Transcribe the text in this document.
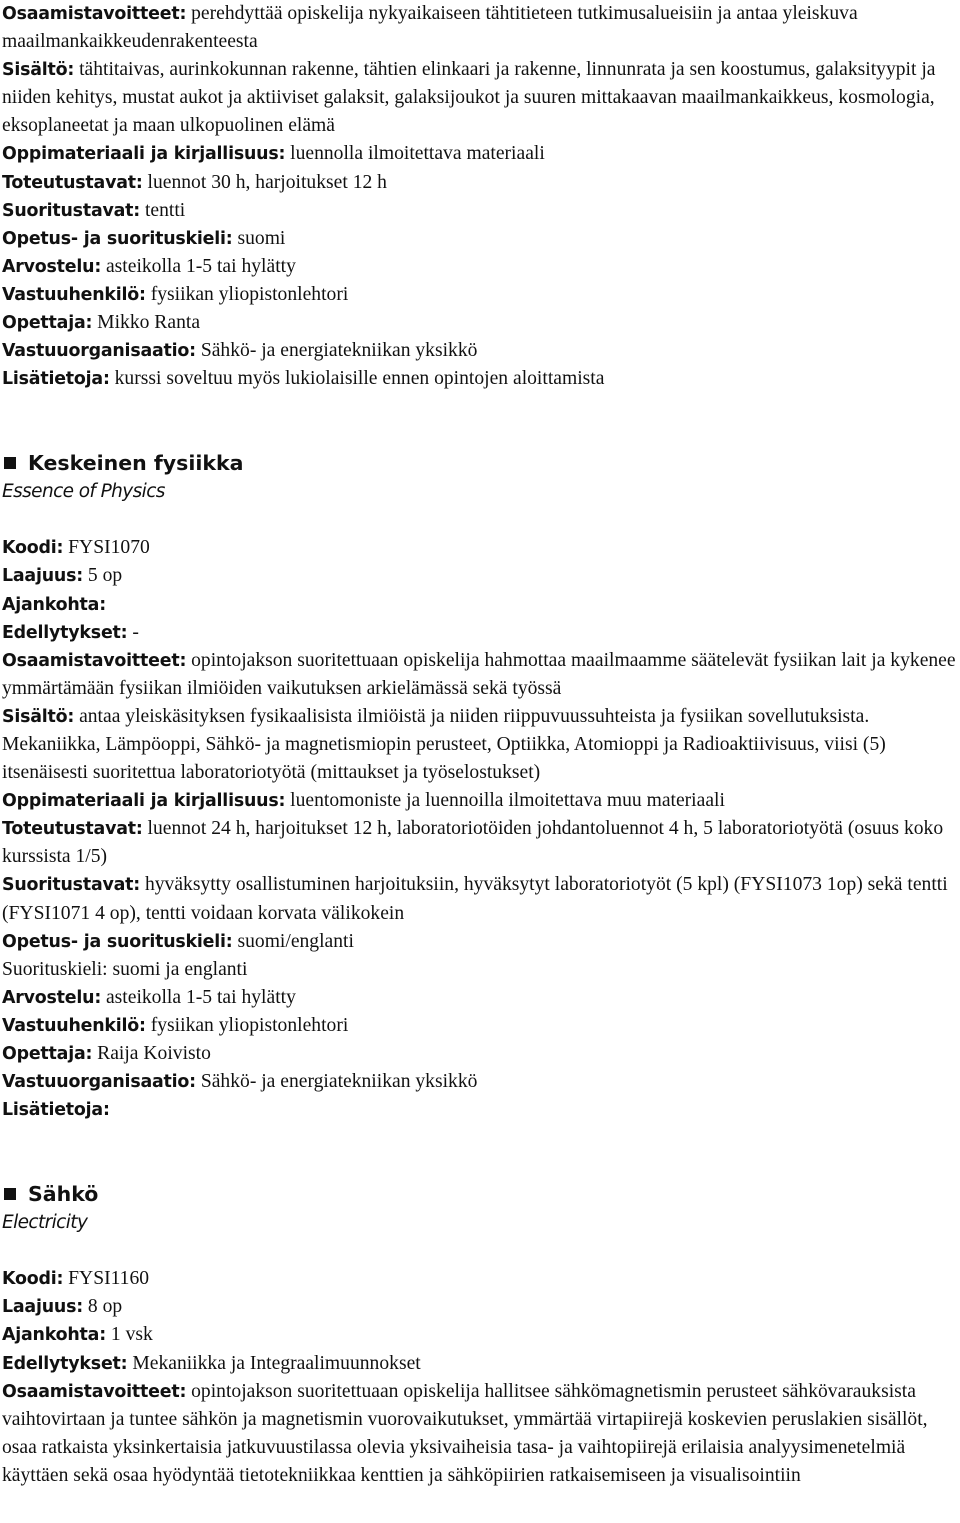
Osaamistavoitteet: perehdyttää opiskelija nykyaikaiseen tähtitieteen tutkimusalueisiin ja antaa yleiskuva maailmankaikkeudenrakenteesta

Sisältö: tähtitaivas, aurinkokunnan rakenne, tähtien elinkaari ja rakenne, linnunrata ja sen koostumus, galaksityypit ja niiden kehitys, mustat aukot ja aktiiviset galaksit, galaksijoukot ja suuren mittakaavan maailmankaikkeus, kosmologia, eksoplaneetat ja maan ulkopuolinen elämä

Oppimateriaali ja kirjallisuus: luennolla ilmoitettava materiaali

Toteutustavat: luennot 30 h, harjoitukset 12 h

Suoritustavat: tentti

Opetus- ja suorituskieli: suomi

Arvostelu: asteikolla 1-5 tai hylätty

Vastuuhenkilö: fysiikan yliopistonlehtori

Opettaja: Mikko Ranta

Vastuuorganisaatio: Sähkö- ja energiatekniikan yksikkö

Lisätietoja: kurssi soveltuu myös lukiolaisille ennen opintojen aloittamista

Keskeinen fysiikka

Essence of Physics

Koodi: FYSI1070

Laajuus: 5 op

Ajankohta:

Edellytykset: -

Osaamistavoitteet: opintojakson suoritettuaan opiskelija hahmottaa maailmaamme säätelevät fysiikan lait ja kykenee ymmärtämään fysiikan ilmiöiden vaikutuksen arkielämässä sekä työssä

Sisältö: antaa yleiskäsityksen fysikaalisista ilmiöistä ja niiden riippuvuussuhteista ja fysiikan sovellutuksista. Mekaniikka, Lämpöoppi, Sähkö- ja magnetismiopin perusteet, Optiikka, Atomioppi ja Radioaktiivisuus, viisi (5) itsenäisesti suoritettua laboratoriotyötä (mittaukset ja työselostukset)

Oppimateriaali ja kirjallisuus: luentomoniste ja luennoilla ilmoitettava muu materiaali

Toteutustavat: luennot 24 h, harjoitukset 12 h, laboratoriotöiden johdantoluennot 4 h, 5 laboratoriotyötä (osuus koko kurssista 1/5)

Suoritustavat: hyväksytty osallistuminen harjoituksiin, hyväksytyt laboratoriotyöt (5 kpl) (FYSI1073 1op) sekä tentti (FYSI1071 4 op), tentti voidaan korvata välikokein

Opetus- ja suorituskieli: suomi/englanti

Suorituskieli: suomi ja englanti

Arvostelu: asteikolla 1-5 tai hylätty

Vastuuhenkilö: fysiikan yliopistonlehtori

Opettaja: Raija Koivisto

Vastuuorganisaatio: Sähkö- ja energiatekniikan yksikkö

Lisätietoja:

Sähkö

Electricity

Koodi: FYSI1160

Laajuus: 8 op

Ajankohta: 1 vsk

Edellytykset: Mekaniikka ja Integraalimuunnokset

Osaamistavoitteet: opintojakson suoritettuaan opiskelija hallitsee sähkömagnetismin perusteet sähkövarauksista vaihtovirtaan ja tuntee sähkön ja magnetismin vuorovaikutukset, ymmärtää virtapiirejä koskevien peruslakien sisällöt, osaa ratkaista yksinkertaisia jatkuvuustilassa olevia yksivaiheisia tasa- ja vaihtopiirejä erilaisia analyysimenetelmiä käyttäen sekä osaa hyödyntää tietotekniikkaa kenttien ja sähköpiirien ratkaisemiseen ja visualisointiin
